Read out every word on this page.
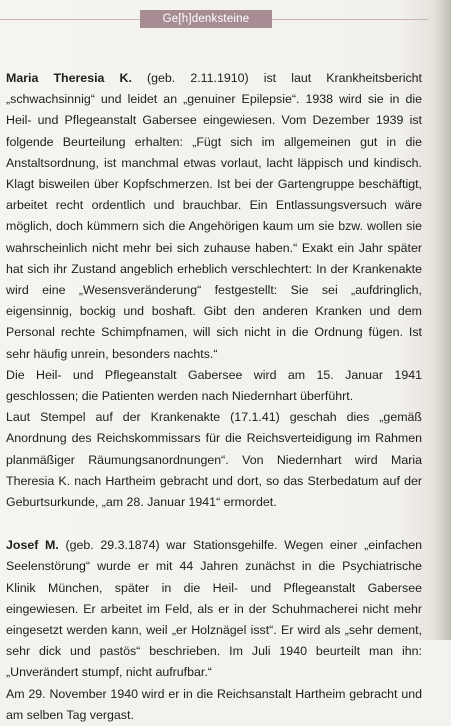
Ge[h]denksteine

Maria Theresia K. (geb. 2.11.1910) ist laut Krankheitsbericht „schwachsinnig“ und leidet an „genuiner Epilepsie“. 1938 wird sie in die Heil- und Pflegeanstalt Gabersee eingewiesen. Vom Dezember 1939 ist folgende Beurteilung erhalten: „Fügt sich im allgemeinen gut in die Anstaltsordnung, ist manchmal etwas vorlaut, lacht läppisch und kindisch. Klagt bisweilen über Kopfschmerzen. Ist bei der Gartengruppe beschäftigt, arbeitet recht ordentlich und brauchbar. Ein Entlassungsversuch wäre möglich, doch kümmern sich die Angehörigen kaum um sie bzw. wollen sie wahrscheinlich nicht mehr bei sich zuhause haben.“ Exakt ein Jahr später hat sich ihr Zustand angeblich erheblich verschlechtert: In der Krankenakte wird eine „Wesensveränderung“ festgestellt: Sie sei „aufdringlich, eigensinnig, bockig und boshaft. Gibt den anderen Kranken und dem Personal rechte Schimpfnamen, will sich nicht in die Ordnung fügen. Ist sehr häufig unrein, besonders nachts.“

Die Heil- und Pflegeanstalt Gabersee wird am 15. Januar 1941 geschlossen; die Patienten werden nach Niedernhart überführt.

Laut Stempel auf der Krankenakte (17.1.41) geschah dies „gemäß Anordnung des Reichskommissars für die Reichsverteidigung im Rahmen planmäßiger Räumungsanordnungen“. Von Niedernhart wird Maria Theresia K. nach Hartheim gebracht und dort, so das Sterbedatum auf der Geburtsurkunde, „am 28. Januar 1941“ ermordet.

Josef M. (geb. 29.3.1874) war Stationsgehilfe. Wegen einer „einfachen Seelenstörung“ wurde er mit 44 Jahren zunächst in die Psychiatrische Klinik München, später in die Heil- und Pflegeanstalt Gabersee eingewiesen. Er arbeitet im Feld, als er in der Schuhmacherei nicht mehr eingesetzt werden kann, weil „er Holznägel isst“. Er wird als „sehr dement, sehr dick und pastös“ beschrieben. Im Juli 1940 beurteilt man ihn: „Unverändert stumpf, nicht aufrufbar.“

Am 29. November 1940 wird er in die Reichsanstalt Hartheim gebracht und am selben Tag vergast.
